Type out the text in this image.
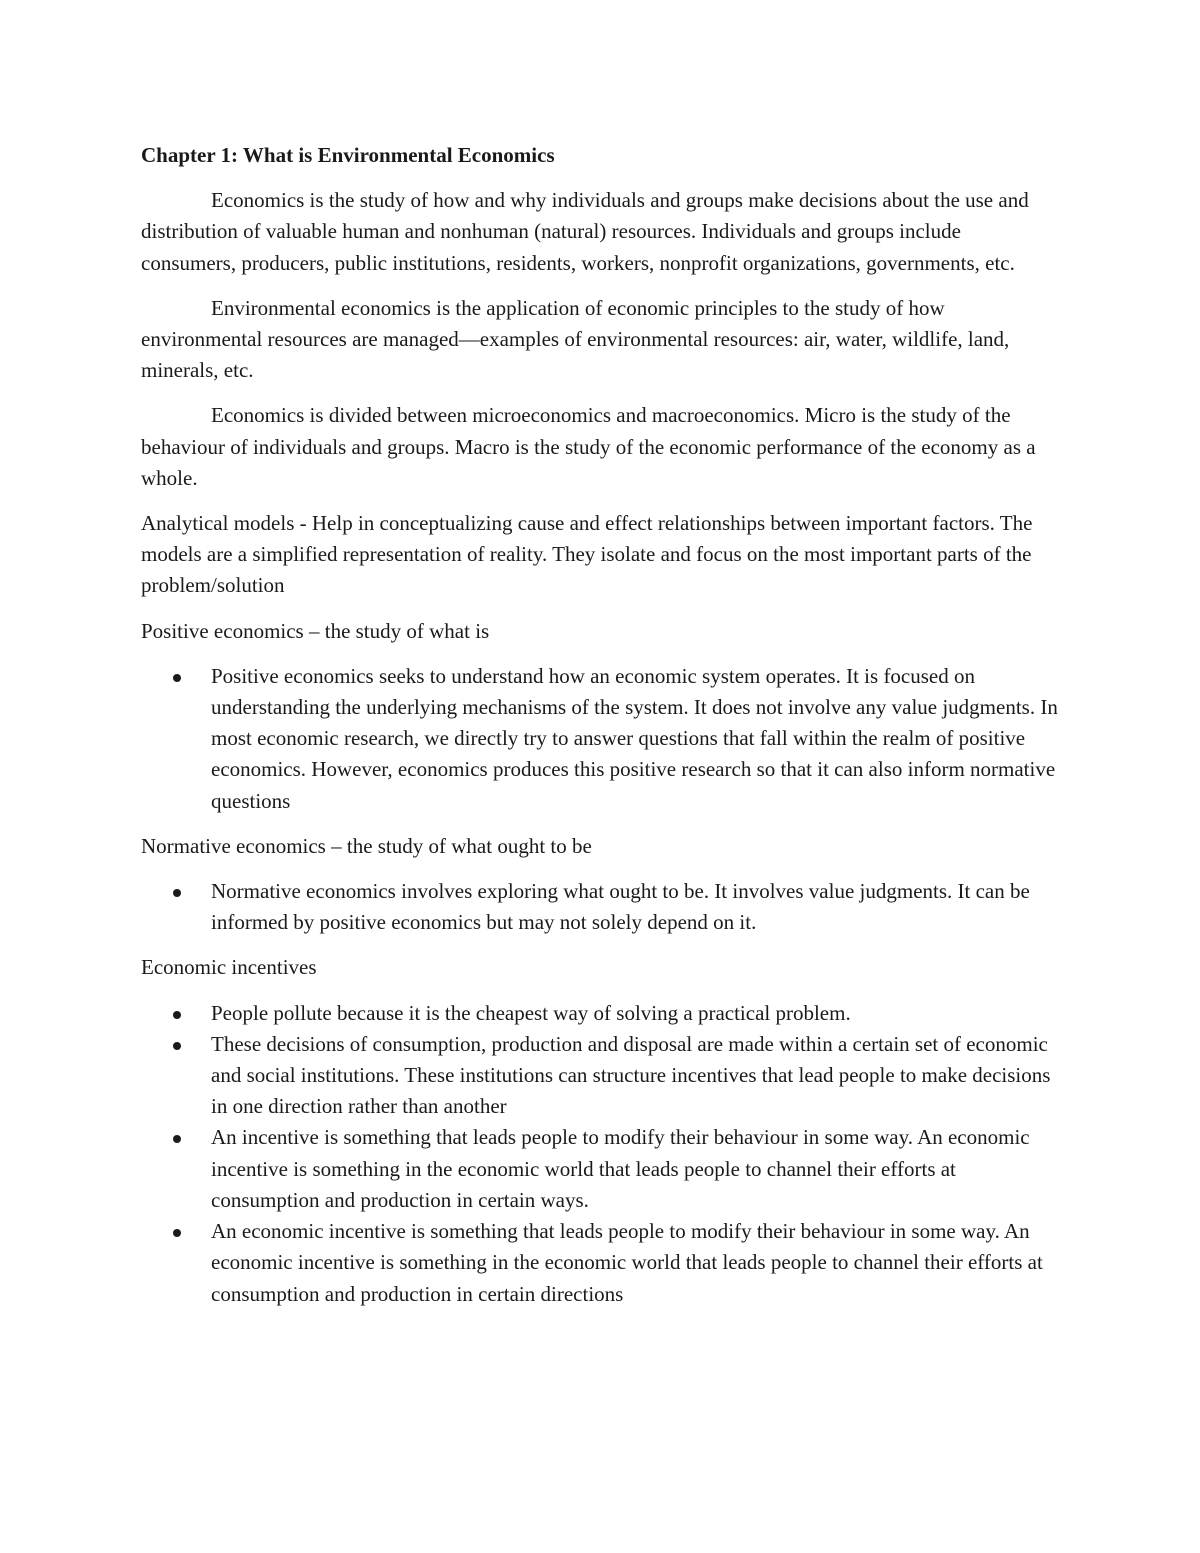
Chapter 1: What is Environmental Economics

Economics is the study of how and why individuals and groups make decisions about the use and distribution of valuable human and nonhuman (natural) resources. Individuals and groups include consumers, producers, public institutions, residents, workers, nonprofit organizations, governments, etc.

Environmental economics is the application of economic principles to the study of how environmental resources are managed—examples of environmental resources: air, water, wildlife, land, minerals, etc.

Economics is divided between microeconomics and macroeconomics. Micro is the study of the behaviour of individuals and groups. Macro is the study of the economic performance of the economy as a whole.

Analytical models - Help in conceptualizing cause and effect relationships between important factors. The models are a simplified representation of reality. They isolate and focus on the most important parts of the problem/solution

Positive economics – the study of what is

Positive economics seeks to understand how an economic system operates. It is focused on understanding the underlying mechanisms of the system. It does not involve any value judgments. In most economic research, we directly try to answer questions that fall within the realm of positive economics. However, economics produces this positive research so that it can also inform normative questions

Normative economics – the study of what ought to be

Normative economics involves exploring what ought to be. It involves value judgments. It can be informed by positive economics but may not solely depend on it.

Economic incentives

People pollute because it is the cheapest way of solving a practical problem.
These decisions of consumption, production and disposal are made within a certain set of economic and social institutions. These institutions can structure incentives that lead people to make decisions in one direction rather than another
An incentive is something that leads people to modify their behaviour in some way. An economic incentive is something in the economic world that leads people to channel their efforts at consumption and production in certain ways.
An economic incentive is something that leads people to modify their behaviour in some way. An economic incentive is something in the economic world that leads people to channel their efforts at consumption and production in certain directions
